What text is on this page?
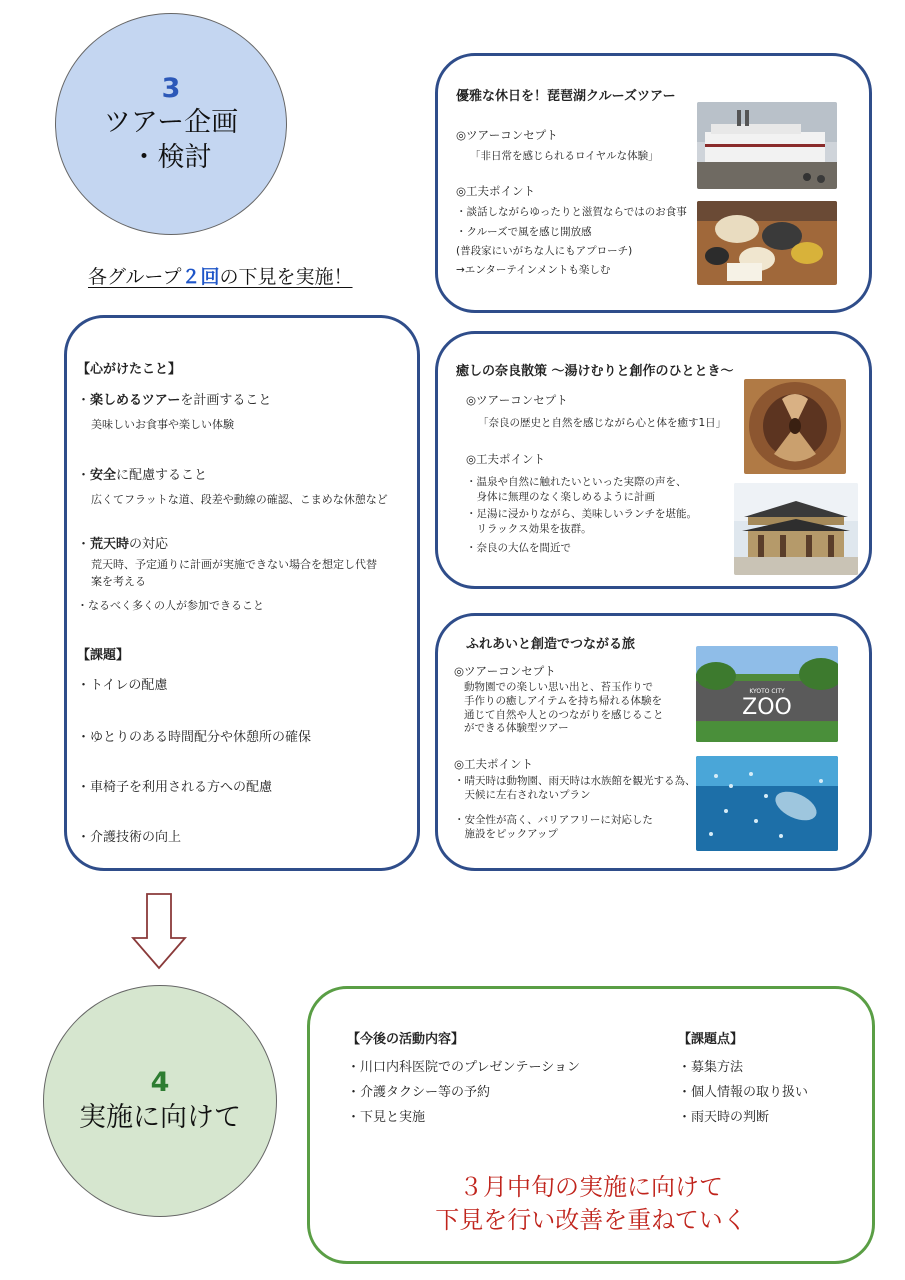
3
ツアー企画
・検討
各グループ２回の下見を実施！
【心がけたこと】
・楽しめるツアーを計画すること
美味しいお食事や楽しい体験
・安全に配慮すること
広くてフラットな道、段差や動線の確認、こまめな休憩など
・荒天時の対応
荒天時、予定通りに計画が実施できない場合を想定し代替
案を考える
・なるべく多くの人が参加できること
【課題】
・トイレの配慮
・ゆとりのある時間配分や休憩所の確保
・車椅子を利用される方への配慮
・介護技術の向上
優雅な休日を！琵琶湖クルーズツアー
◎ツアーコンセプト
「非日常を感じられるロイヤルな体験」
◎工夫ポイント
・談話しながらゆったりと滋賀ならではのお食事
・クルーズで風を感じ開放感
(普段家にいがちな人にもアプローチ)
→エンターテインメントも楽しむ
癒しの奈良散策 〜湯けむりと創作のひととき〜
◎ツアーコンセプト
「奈良の歴史と自然を感じながら心と体を癒す1日」
◎工夫ポイント
・温泉や自然に触れたいといった実際の声を、
　身体に無理のなく楽しめるように計画
・足湯に浸かりながら、美味しいランチを堪能。
　リラックス効果を抜群。
・奈良の大仏を間近で
ふれあいと創造でつながる旅
◎ツアーコンセプト
動物園での楽しい思い出と、苔玉作りで
手作りの癒しアイテムを持ち帰れる体験を
通じて自然や人とのつながりを感じること
ができる体験型ツアー
◎工夫ポイント
・晴天時は動物園、雨天時は水族館を観光する為、
　天候に左右されないプラン
・安全性が高く、バリアフリーに対応した
　施設をピックアップ
KYOTO CITY
ZOO
4
実施に向けて
【今後の活動内容】
・川口内科医院でのプレゼンテーション
・介護タクシー等の予約
・下見と実施
【課題点】
・募集方法
・個人情報の取り扱い
・雨天時の判断
３月中旬の実施に向けて
下見を行い改善を重ねていく
